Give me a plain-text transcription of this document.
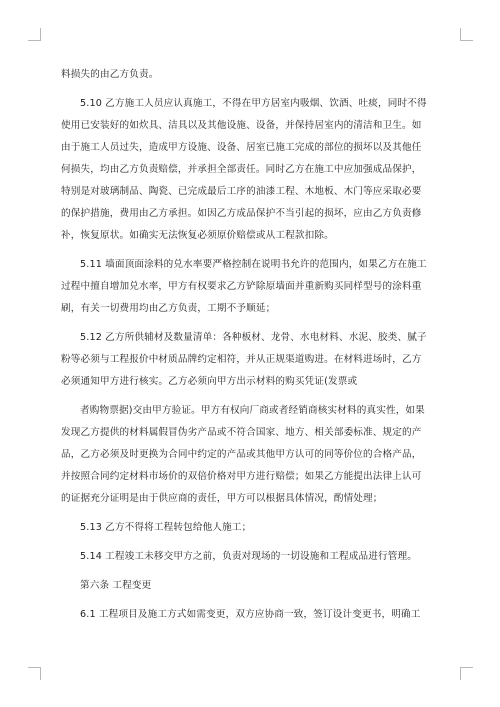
料损失的由乙方负责。

5.10 乙方施工人员应认真施工，不得在甲方居室内吸烟、饮酒、吐痰，同时不得
使用已安装好的如炊具、洁具以及其他设施、设备，并保持居室内的清洁和卫生。如
由于施工人员过失，造成甲方设施、设备、居室已施工完成的部位的损坏以及其他任
何损失，均由乙方负责赔偿，并承担全部责任。同时乙方在施工中应加强成品保护，
特别是对玻璃制品、陶瓷、已完成最后工序的油漆工程、木地板、木门等应采取必要
的保护措施，费用由乙方承担。如因乙方成品保护不当引起的损坏，应由乙方负责修
补，恢复原状。如确实无法恢复必须原价赔偿或从工程款扣除。

5.11 墙面顶面涂料的兑水率要严格控制在说明书允许的范围内，如果乙方在施工
过程中擅自增加兑水率，甲方有权要求乙方铲除原墙面并重新购买同样型号的涂料重
刷，有关一切费用均由乙方负责，工期不予顺延；

5.12 乙方所供辅材及数量清单：各种板材、龙骨、水电材料、水泥、胶类、腻子
粉等必须与工程报价中材质品牌约定相符，并从正规渠道购进。在材料进场时，乙方
必须通知甲方进行核实。乙方必须向甲方出示材料的购买凭证(发票或

者购物票据)交由甲方验证。甲方有权向厂商或者经销商核实材料的真实性，如果
发现乙方提供的材料属假冒伪劣产品或不符合国家、地方、相关部委标准、规定的产
品，乙方必须及时更换为合同中约定的产品或其他甲方认可的同等价位的合格产品，
并按照合同约定材料市场价的双倍价格对甲方进行赔偿；如果乙方能提出法律上认可
的证据充分证明是由于供应商的责任，甲方可以根据具体情况，酌情处理；

5.13 乙方不得将工程转包给他人施工；

5.14 工程竣工未移交甲方之前，负责对现场的一切设施和工程成品进行管理。

第六条 工程变更

6.1 工程项目及施工方式如需变更，双方应协商一致，签订设计变更书，明确工
